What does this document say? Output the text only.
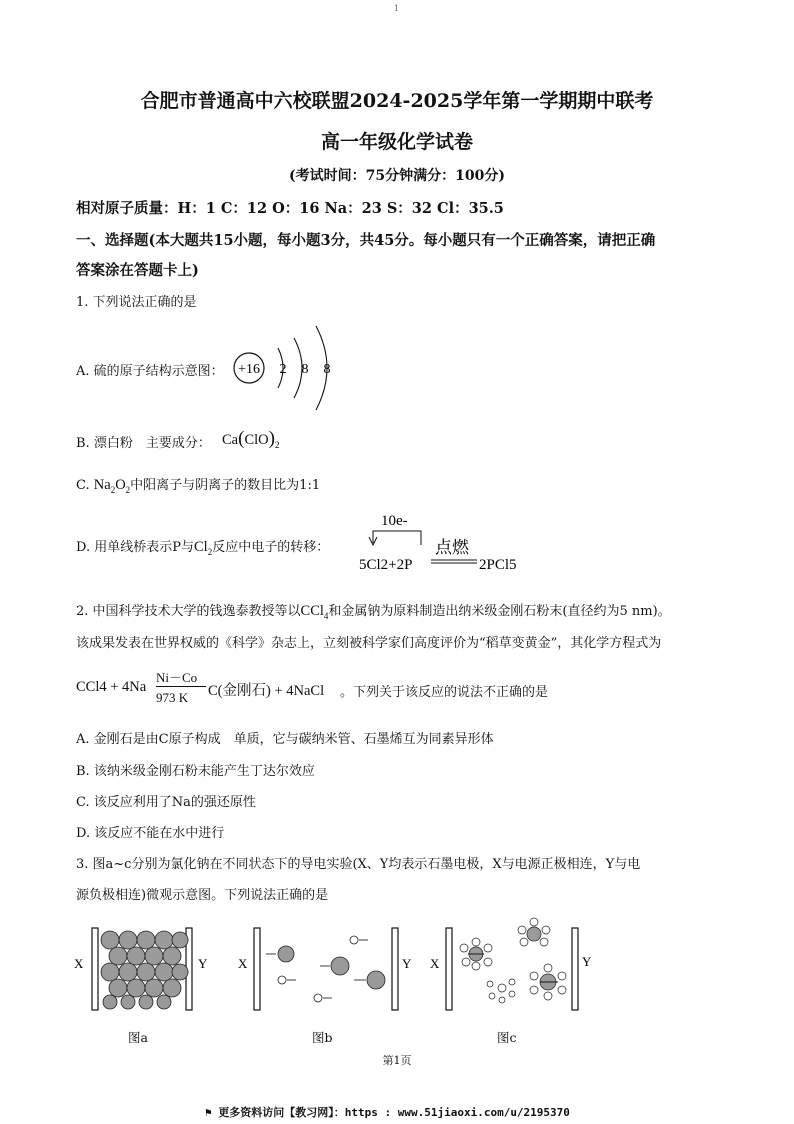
1
合肥市普通高中六校联盟2024-2025学年第一学期期中联考
高一年级化学试卷
(考试时间：75分钟满分：100分)
相对原子质量：H：1 C：12 O：16 Na：23 S：32 Cl：35.5
一、选择题(本大题共15小题，每小题3分，共45分。每小题只有一个正确答案，请把正确
答案涂在答题卡上)
1. 下列说法正确的是
A. 硫的原子结构示意图： +16 2 8 8
B. 漂白粉　主要成分： $Ca(ClO)_2$
C. $Na_2O_2$中阳离子与阴离子的数目比为1:1
D. 用单线桥表示P与$Cl_2$反应中电子的转移：
10e-
点燃
5Cl2+2P	2PCl5
2. 中国科学技术大学的钱逸泰教授等以CCl$_4$和金属钠为原料制造出纳米级金刚石粉末(直径约为5 nm)。
该成果发表在世界权威的《科学》杂志上，立刻被科学家们高度评价为“稻草变黄金”，其化学方程式为
CCl4 + 4Na
Ni－Co
973 K C(金刚石) + 4NaCl 。下列关于该反应的说法不正确的是
A. 金刚石是由C原子构成　单质，它与碳纳米管、石墨烯互为同素异形体
B. 该纳米级金刚石粉末能产生丁达尔效应
C. 该反应利用了Na的强还原性
D. 该反应不能在水中进行
3. 图a~c分别为氯化钠在不同状态下的导电实验(X、Y均表示石墨电极，X与电源正极相连，Y与电
源负极相连)微观示意图。下列说法正确的是
X	Y
图a
X	Y
图b
X	Y
图c
第1页
⚑ 更多资料访问【教习网】：https : www.51jiaoxi.com/u/2195370
